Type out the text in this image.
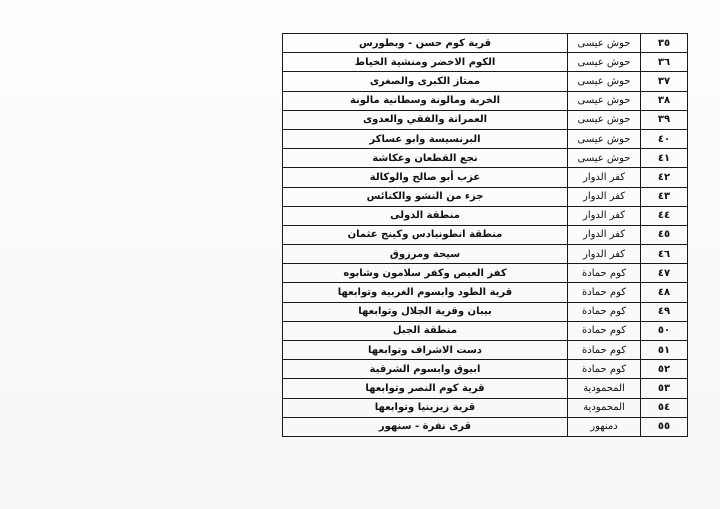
٣٥	حوش عيسى	قرية كوم حسن - وبطورس
٣٦	حوش عيسى	الكوم الاخضر ومنشية الخياط
٣٧	حوش عيسى	ممتاز الكبرى والصغرى
٣٨	حوش عيسى	الخربة ومالونة وسطانية مالونة
٣٩	حوش عيسى	العمرانة والفقي والعدوى
٤٠	حوش عيسى	البرنسيسة وابو عساكر
٤١	حوش عيسى	نجع القطعان وعكاشة
٤٢	كفر الدوار	عزب أبو صالح والوكالة
٤٣	كفر الدوار	جزء من النشو والكنائس
٤٤	كفر الدوار	منطقة الدولى
٤٥	كفر الدوار	منطقة انطونيادس وكينج عثمان
٤٦	كفر الدوار	سيحة ومرزوق
٤٧	كوم حمادة	كفر العيص وكفر سلامون وشابوه
٤٨	كوم حمادة	قرية الطود وابسوم الغربية وتوابعها
٤٩	كوم حمادة	بيبان وقرية الجلال وتوابعها
٥٠	كوم حمادة	منطقة الجبل
٥١	كوم حمادة	دست الاشراف وتوابعها
٥٢	كوم حمادة	ابيوق وابسوم الشرقية
٥٣	المحمودية	قرية كوم النصر وتوابعها
٥٤	المحمودية	قرية زيزينيا وتوابعها
٥٥	دمنهور	قرى نفرة - سنهور
